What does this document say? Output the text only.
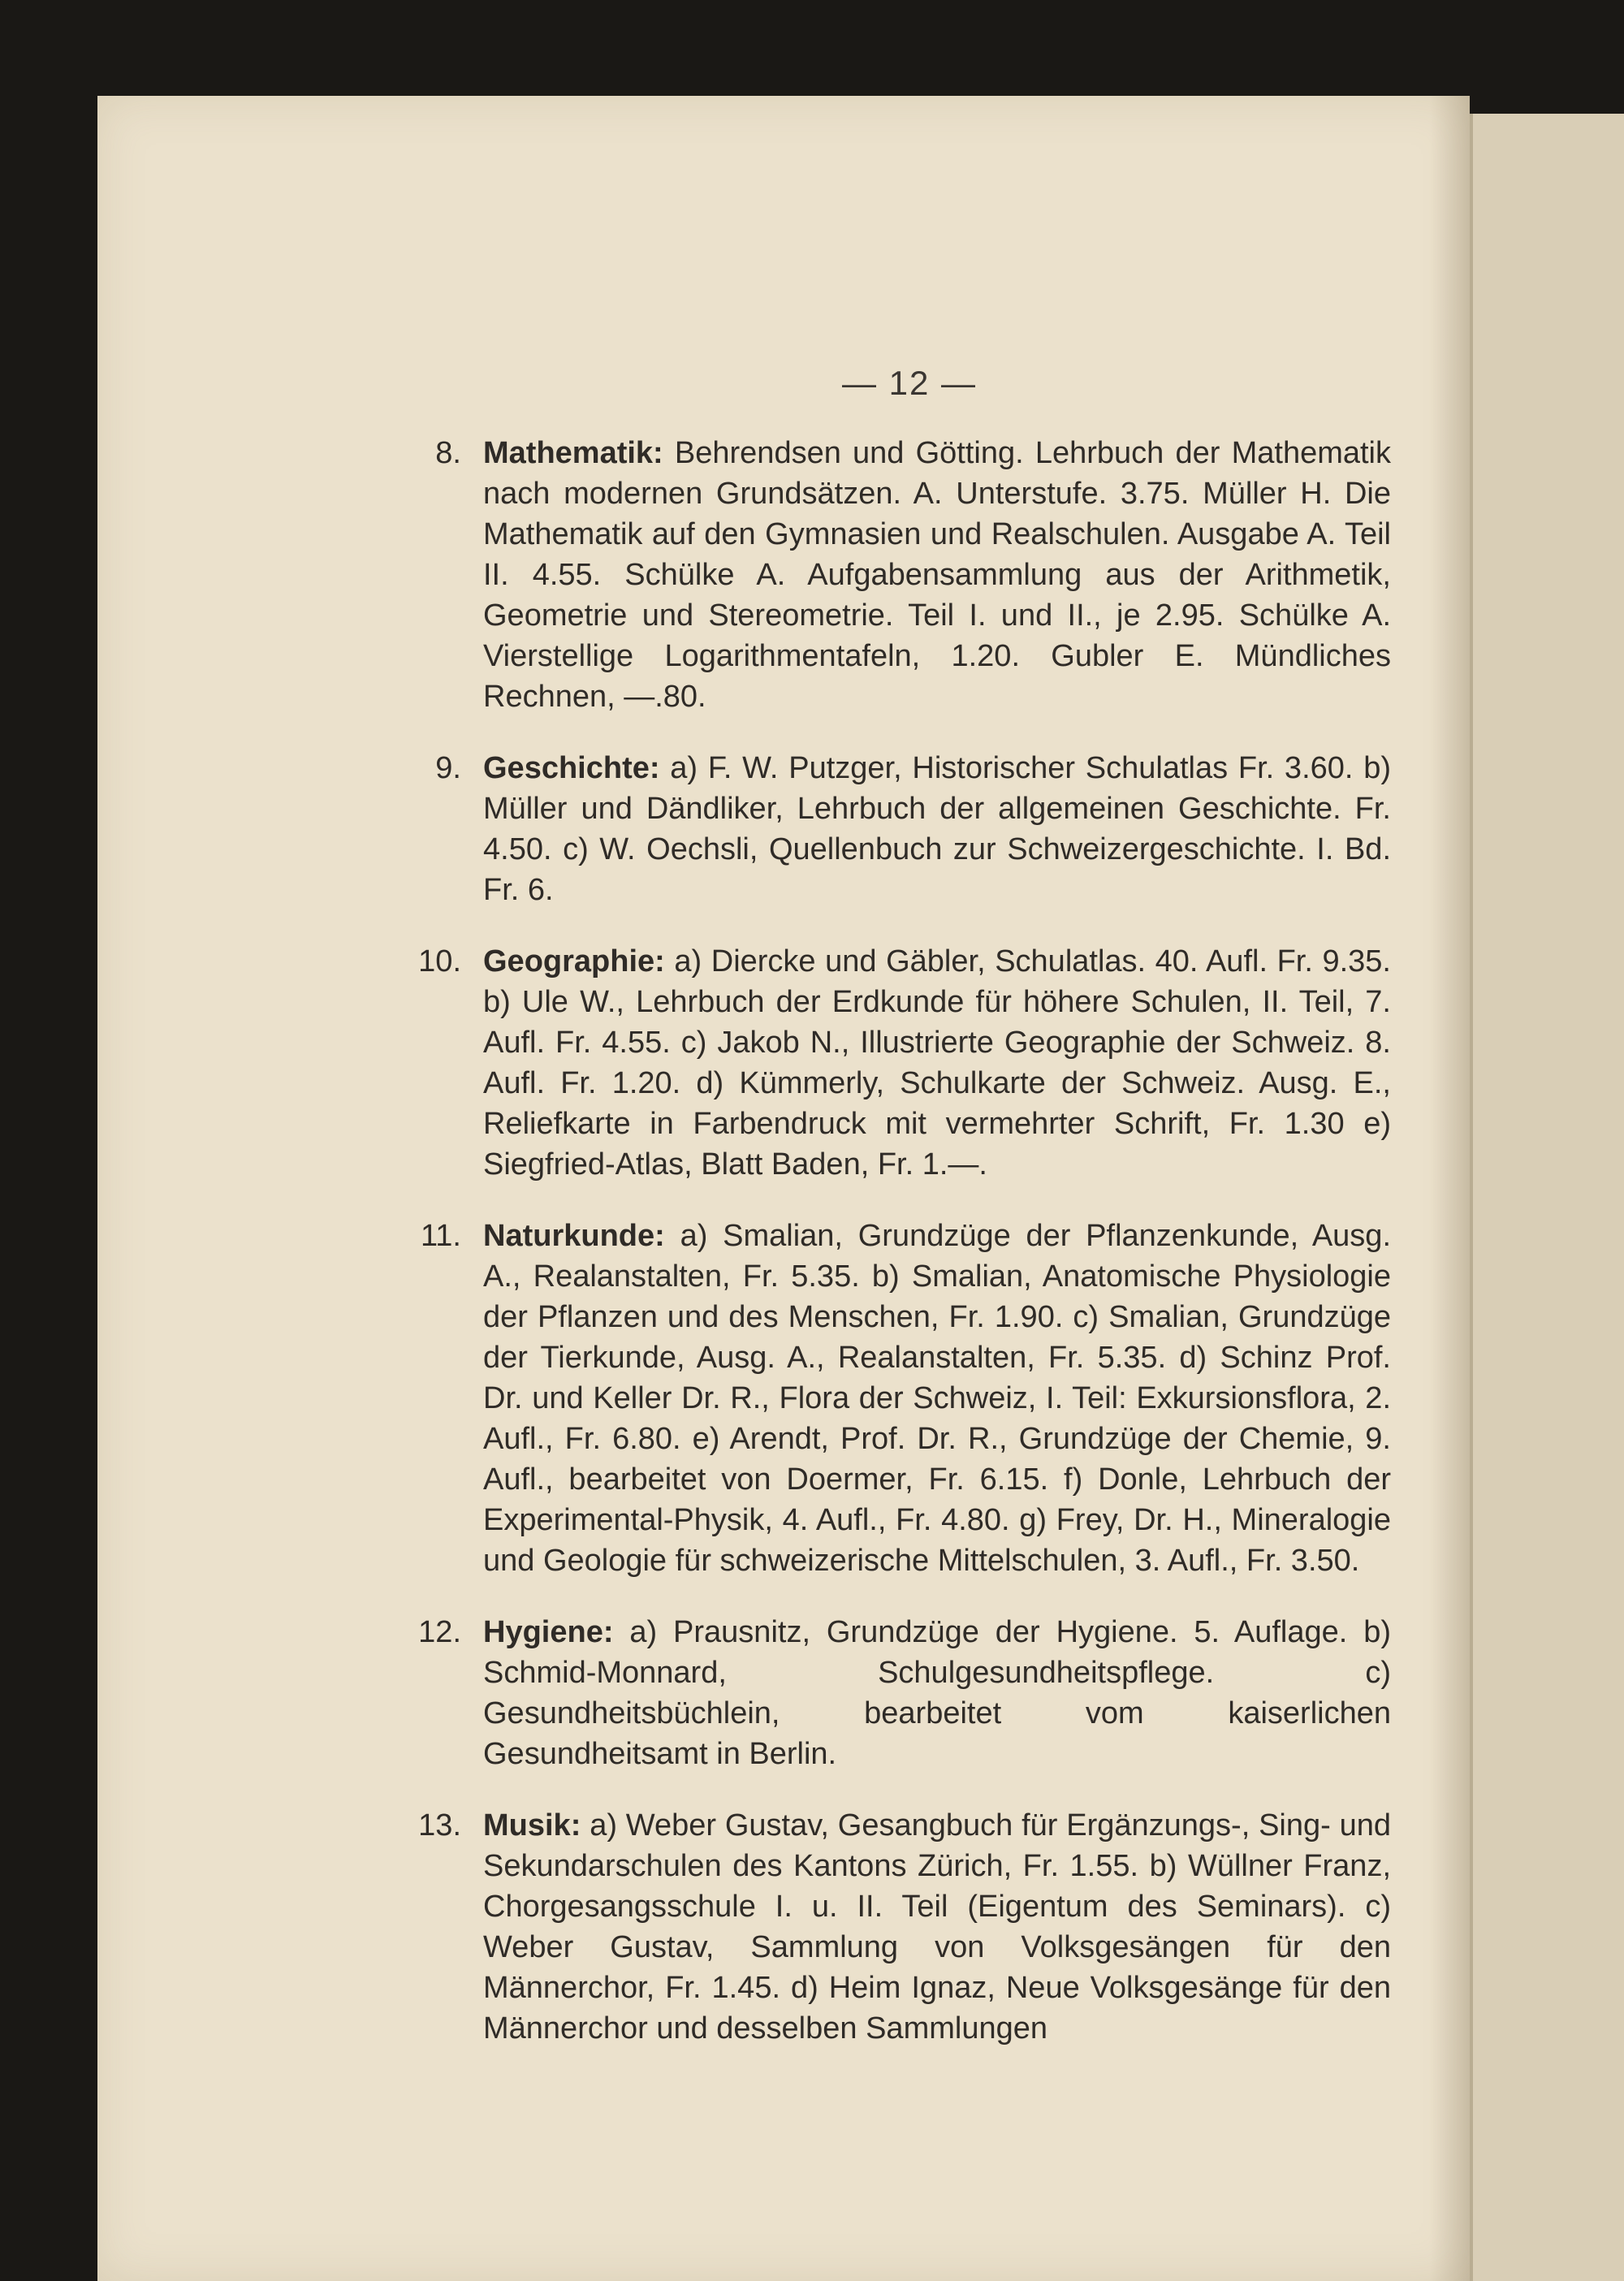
— 12 —
8. Mathematik: Behrendsen und Götting. Lehrbuch der Mathematik nach modernen Grundsätzen. A. Unterstufe. 3.75. Müller H. Die Mathematik auf den Gymnasien und Realschulen. Ausgabe A. Teil II. 4.55. Schülke A. Aufgabensammlung aus der Arithmetik, Geometrie und Stereometrie. Teil I. und II., je 2.95. Schülke A. Vierstellige Logarithmentafeln, 1.20. Gubler E. Mündliches Rechnen, —.80.
9. Geschichte: a) F. W. Putzger, Historischer Schulatlas Fr. 3.60. b) Müller und Dändliker, Lehrbuch der allgemeinen Geschichte. Fr. 4.50. c) W. Oechsli, Quellenbuch zur Schweizergeschichte. I. Bd. Fr. 6.
10. Geographie: a) Diercke und Gäbler, Schulatlas. 40. Aufl. Fr. 9.35. b) Ule W., Lehrbuch der Erdkunde für höhere Schulen, II. Teil, 7. Aufl. Fr. 4.55. c) Jakob N., Illustrierte Geographie der Schweiz. 8. Aufl. Fr. 1.20. d) Kümmerly, Schulkarte der Schweiz. Ausg. E., Reliefkarte in Farbendruck mit vermehrter Schrift, Fr. 1.30 e) Siegfried-Atlas, Blatt Baden, Fr. 1.—.
11. Naturkunde: a) Smalian, Grundzüge der Pflanzenkunde, Ausg. A., Realanstalten, Fr. 5.35. b) Smalian, Anatomische Physiologie der Pflanzen und des Menschen, Fr. 1.90. c) Smalian, Grundzüge der Tierkunde, Ausg. A., Realanstalten, Fr. 5.35. d) Schinz Prof. Dr. und Keller Dr. R., Flora der Schweiz, I. Teil: Exkursionsflora, 2. Aufl., Fr. 6.80. e) Arendt, Prof. Dr. R., Grundzüge der Chemie, 9. Aufl., bearbeitet von Doermer, Fr. 6.15. f) Donle, Lehrbuch der Experimental-Physik, 4. Aufl., Fr. 4.80. g) Frey, Dr. H., Mineralogie und Geologie für schweizerische Mittelschulen, 3. Aufl., Fr. 3.50.
12. Hygiene: a) Prausnitz, Grundzüge der Hygiene. 5. Auflage. b) Schmid-Monnard, Schulgesundheitspflege. c) Gesundheitsbüchlein, bearbeitet vom kaiserlichen Gesundheitsamt in Berlin.
13. Musik: a) Weber Gustav, Gesangbuch für Ergänzungs-, Sing- und Sekundarschulen des Kantons Zürich, Fr. 1.55. b) Wüllner Franz, Chorgesangsschule I. u. II. Teil (Eigentum des Seminars). c) Weber Gustav, Sammlung von Volksgesängen für den Männerchor, Fr. 1.45. d) Heim Ignaz, Neue Volksgesänge für den Männerchor und desselben Sammlungen
